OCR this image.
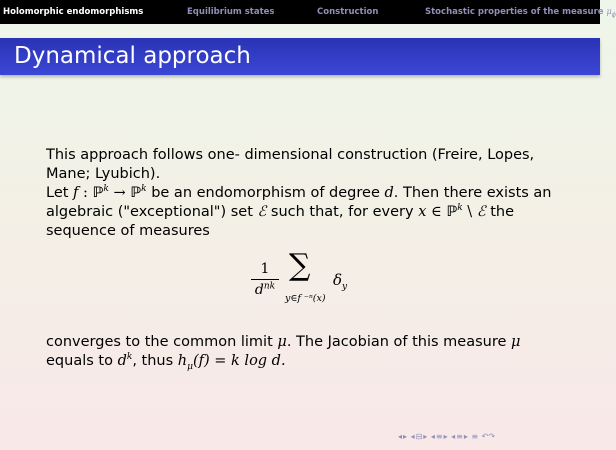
Holomorphic endomorphisms	Equilibrium states	Construction	Stochastic properties of the measure $\mu_\phi$
Dynamical approach
This approach follows one- dimensional construction (Freire, Lopes, Mane; Lyubich).
Let f : ℙ$^k$ → ℙ$^k$ be an endomorphism of degree d. Then there exists an algebraic ("exceptional") set ℰ such that, for every x ∈ ℙ$^k$ \ ℰ the sequence of measures
1
$d^{nk}$
∑
y∈f ⁻ⁿ(x)
$\delta_y$
converges to the common limit μ. The Jacobian of this measure μ equals to $d^k$, thus $h_\mu(f) = k$ log d.
◂▸ ◂⊟▸ ◂≡▸ ◂≡▸ ≡ ↶↷
